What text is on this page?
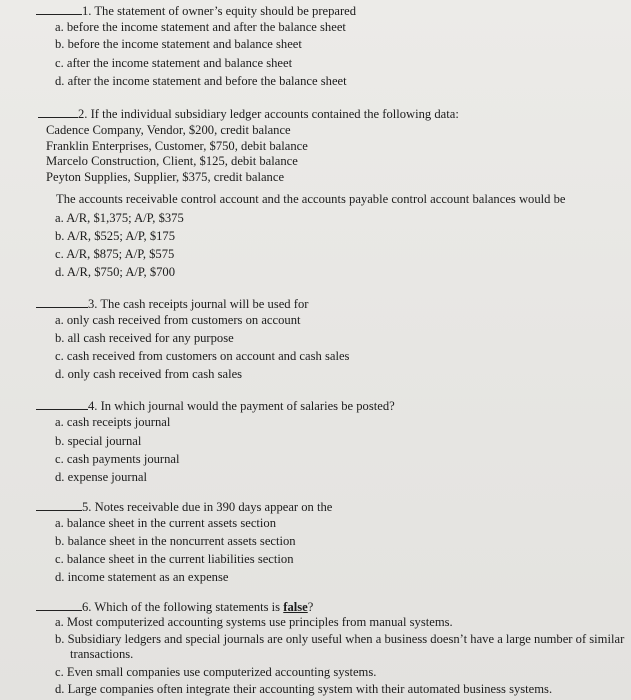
1. The statement of owner’s equity should be prepared
a. before the income statement and after the balance sheet
b. before the income statement and balance sheet
c. after the income statement and balance sheet
d. after the income statement and before the balance sheet
2. If the individual subsidiary ledger accounts contained the following data:
Cadence Company, Vendor, $200, credit balance
Franklin Enterprises, Customer, $750, debit balance
Marcelo Construction, Client, $125, debit balance
Peyton Supplies, Supplier, $375, credit balance
The accounts receivable control account and the accounts payable control account balances would be
a. A/R, $1,375; A/P, $375
b. A/R, $525; A/P, $175
c. A/R, $875; A/P, $575
d. A/R, $750; A/P, $700
3. The cash receipts journal will be used for
a. only cash received from customers on account
b. all cash received for any purpose
c. cash received from customers on account and cash sales
d. only cash received from cash sales
4. In which journal would the payment of salaries be posted?
a. cash receipts journal
b. special journal
c. cash payments journal
d. expense journal
5. Notes receivable due in 390 days appear on the
a. balance sheet in the current assets section
b. balance sheet in the noncurrent assets section
c. balance sheet in the current liabilities section
d. income statement as an expense
6. Which of the following statements is false?
a. Most computerized accounting systems use principles from manual systems.
b. Subsidiary ledgers and special journals are only useful when a business doesn’t have a large number of similar
transactions.
c. Even small companies use computerized accounting systems.
d. Large companies often integrate their accounting system with their automated business systems.
